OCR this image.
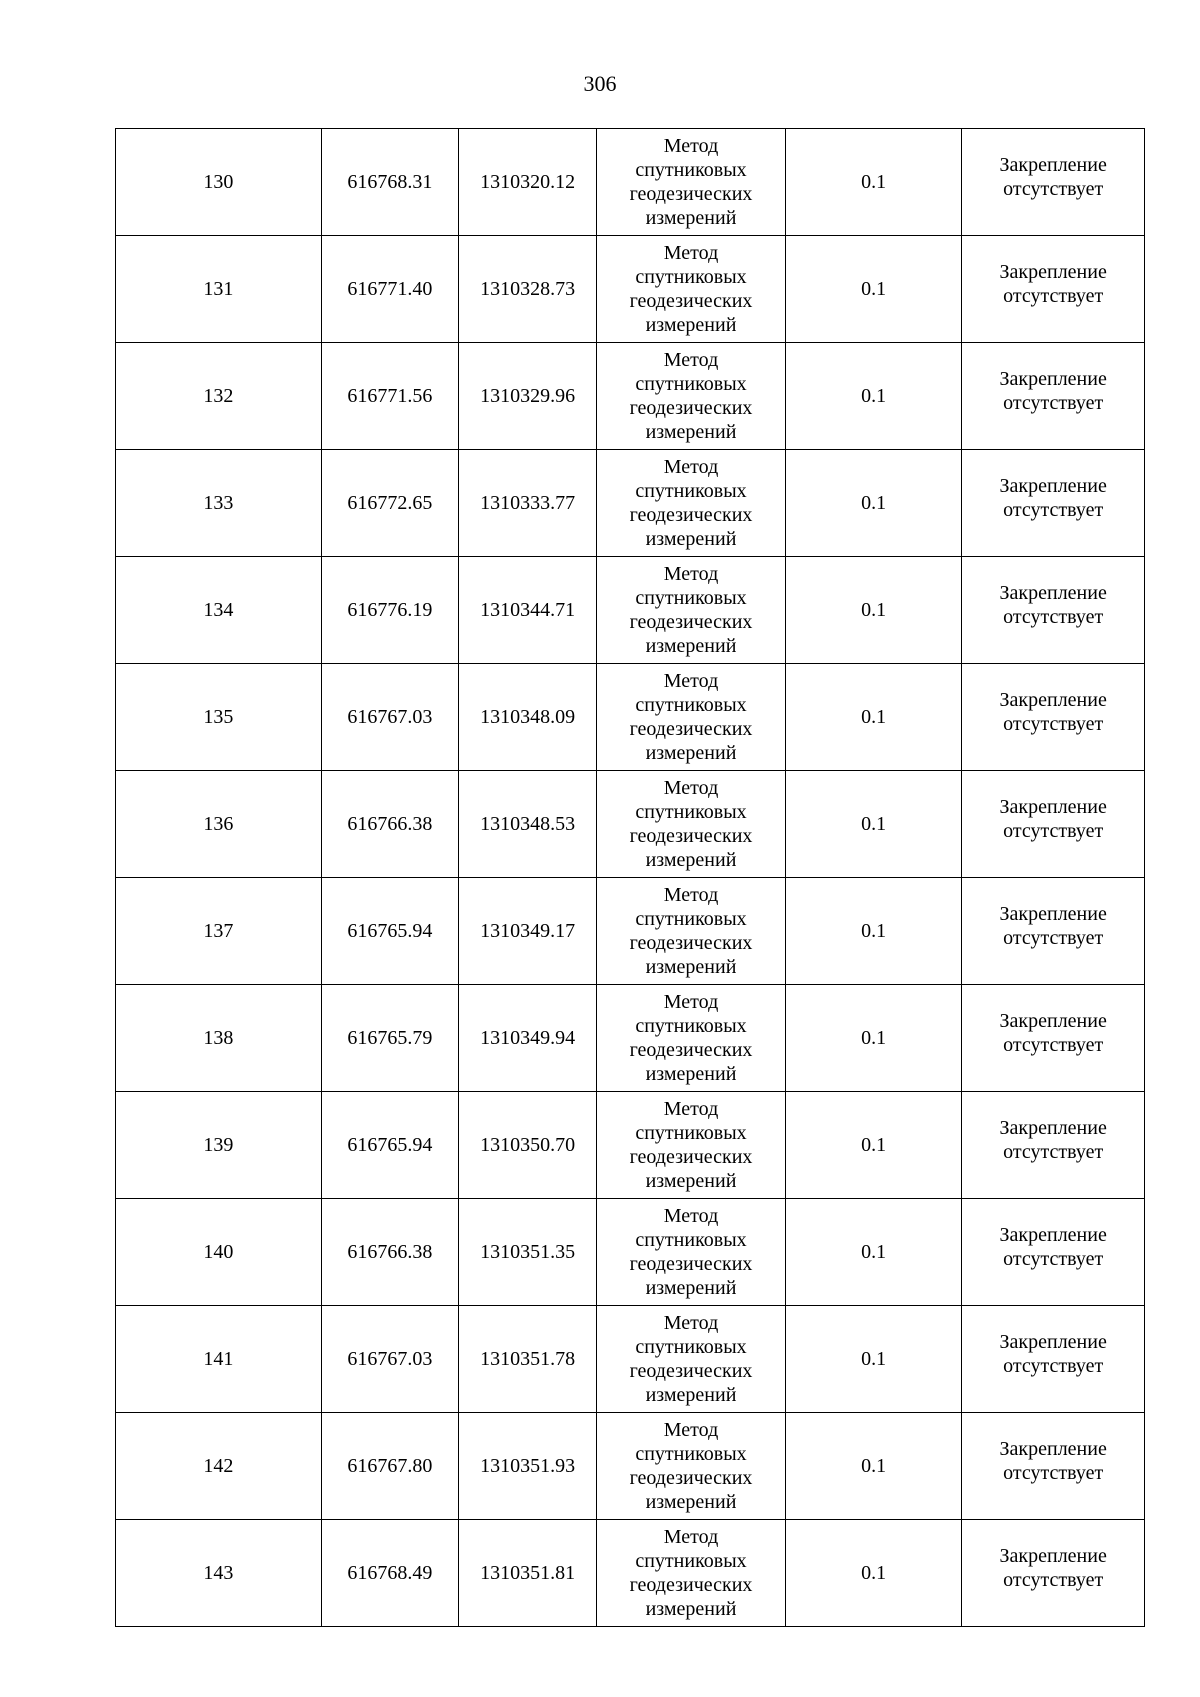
306
130	616768.31	1310320.12	Метод
спутниковых
геодезических
измерений	0.1	Закрепление
отсутствует

131	616771.40	1310328.73	Метод
спутниковых
геодезических
измерений	0.1	Закрепление
отсутствует

132	616771.56	1310329.96	Метод
спутниковых
геодезических
измерений	0.1	Закрепление
отсутствует

133	616772.65	1310333.77	Метод
спутниковых
геодезических
измерений	0.1	Закрепление
отсутствует

134	616776.19	1310344.71	Метод
спутниковых
геодезических
измерений	0.1	Закрепление
отсутствует

135	616767.03	1310348.09	Метод
спутниковых
геодезических
измерений	0.1	Закрепление
отсутствует

136	616766.38	1310348.53	Метод
спутниковых
геодезических
измерений	0.1	Закрепление
отсутствует

137	616765.94	1310349.17	Метод
спутниковых
геодезических
измерений	0.1	Закрепление
отсутствует

138	616765.79	1310349.94	Метод
спутниковых
геодезических
измерений	0.1	Закрепление
отсутствует

139	616765.94	1310350.70	Метод
спутниковых
геодезических
измерений	0.1	Закрепление
отсутствует

140	616766.38	1310351.35	Метод
спутниковых
геодезических
измерений	0.1	Закрепление
отсутствует

141	616767.03	1310351.78	Метод
спутниковых
геодезических
измерений	0.1	Закрепление
отсутствует

142	616767.80	1310351.93	Метод
спутниковых
геодезических
измерений	0.1	Закрепление
отсутствует

143	616768.49	1310351.81	Метод
спутниковых
геодезических
измерений	0.1	Закрепление
отсутствует
